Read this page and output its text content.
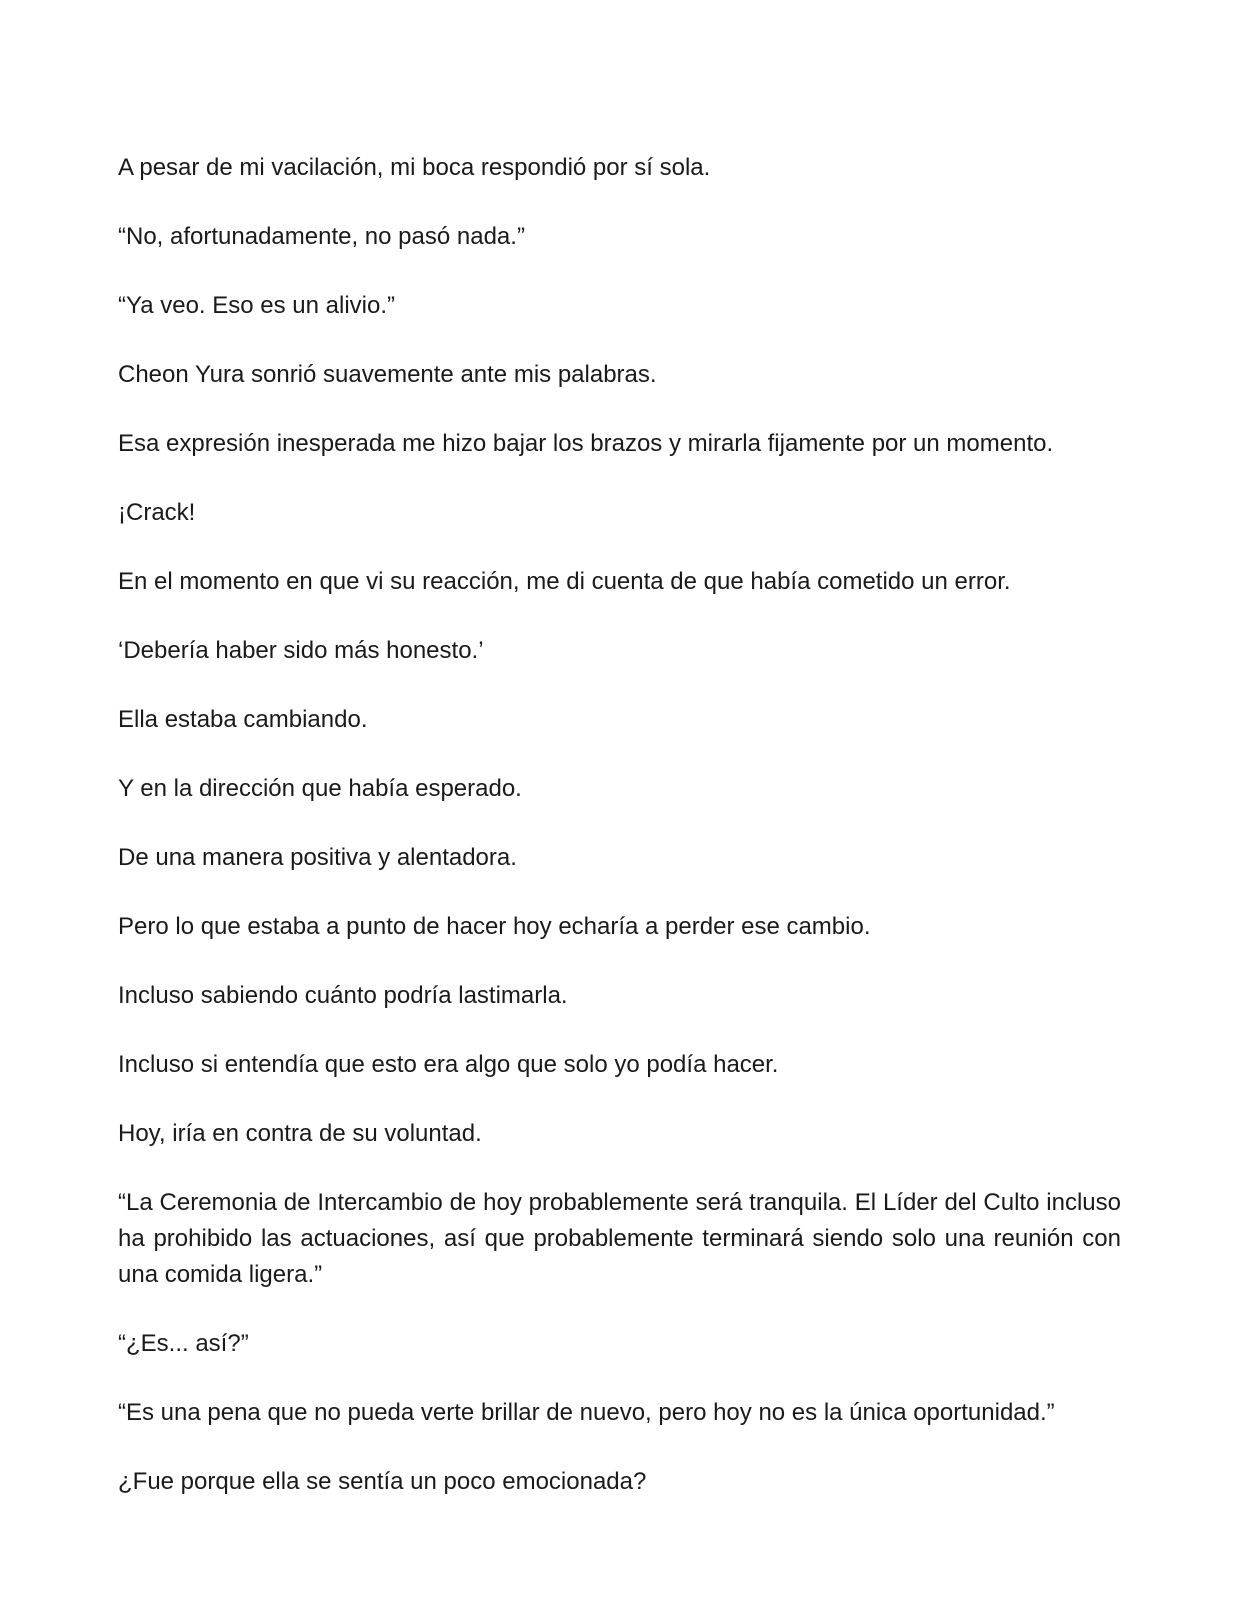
A pesar de mi vacilación, mi boca respondió por sí sola.

“No, afortunadamente, no pasó nada.”

“Ya veo. Eso es un alivio.”

Cheon Yura sonrió suavemente ante mis palabras.

Esa expresión inesperada me hizo bajar los brazos y mirarla fijamente por un momento.

¡Crack!

En el momento en que vi su reacción, me di cuenta de que había cometido un error.

‘Debería haber sido más honesto.’

Ella estaba cambiando.

Y en la dirección que había esperado.

De una manera positiva y alentadora.

Pero lo que estaba a punto de hacer hoy echaría a perder ese cambio.

Incluso sabiendo cuánto podría lastimarla.

Incluso si entendía que esto era algo que solo yo podía hacer.

Hoy, iría en contra de su voluntad.

“La Ceremonia de Intercambio de hoy probablemente será tranquila. El Líder del Culto incluso ha prohibido las actuaciones, así que probablemente terminará siendo solo una reunión con una comida ligera.”

“¿Es... así?”

“Es una pena que no pueda verte brillar de nuevo, pero hoy no es la única oportunidad.”

¿Fue porque ella se sentía un poco emocionada?
